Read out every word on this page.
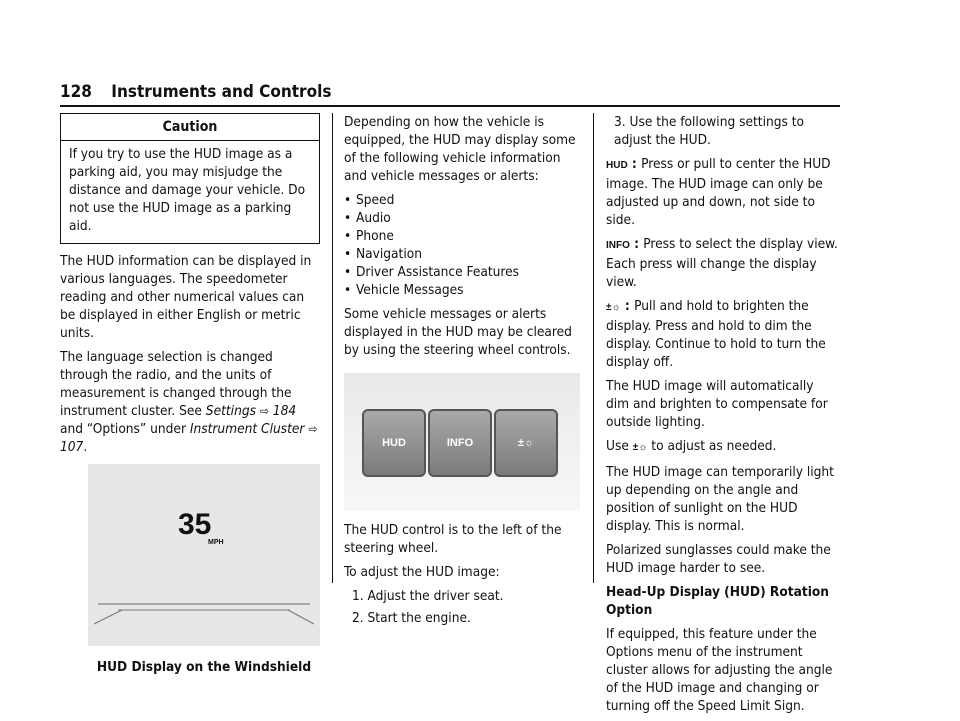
128 Instruments and Controls
Caution
If you try to use the HUD image as a parking aid, you may misjudge the distance and damage your vehicle. Do not use the HUD image as a parking aid.

The HUD information can be displayed in various languages. The speedometer reading and other numerical values can be displayed in either English or metric units.

The language selection is changed through the radio, and the units of measurement is changed through the instrument cluster. See Settings ⇨ 184 and “Options” under Instrument Cluster ⇨ 107.

35
MPH
HUD Display on the Windshield

Depending on how the vehicle is equipped, the HUD may display some of the following vehicle information and vehicle messages or alerts:

• Speed
• Audio
• Phone
• Navigation
• Driver Assistance Features
• Vehicle Messages

Some vehicle messages or alerts displayed in the HUD may be cleared by using the steering wheel controls.

HUD	INFO	±☼

The HUD control is to the left of the steering wheel.

To adjust the HUD image:

1. Adjust the driver seat.
2. Start the engine.

3. Use the following settings to adjust the HUD.

HUD : Press or pull to center the HUD image. The HUD image can only be adjusted up and down, not side to side.

INFO : Press to select the display view. Each press will change the display view.

±☼ : Pull and hold to brighten the display. Press and hold to dim the display. Continue to hold to turn the display off.

The HUD image will automatically dim and brighten to compensate for outside lighting.

Use ±☼ to adjust as needed.

The HUD image can temporarily light up depending on the angle and position of sunlight on the HUD display. This is normal.

Polarized sunglasses could make the HUD image harder to see.

Head-Up Display (HUD) Rotation Option

If equipped, this feature under the Options menu of the instrument cluster allows for adjusting the angle of the HUD image and changing or turning off the Speed Limit Sign.
